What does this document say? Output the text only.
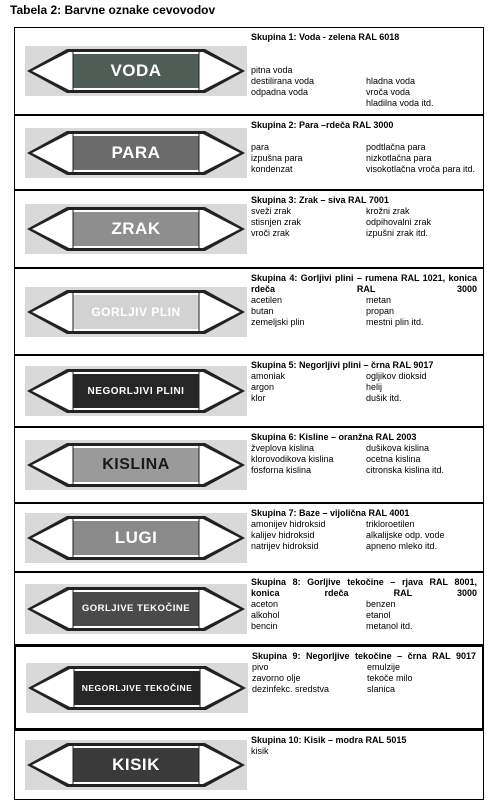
Tabela 2: Barvne oznake cevovodov
VODA
Skupina 1: Voda - zelena RAL 6018

pitna voda
destilirana voda
odpadna voda

hladna voda
vroča voda
hladilna voda itd.
PARA
Skupina 2: Para –rdeča RAL 3000

para
izpušna para
kondenzat

podtlačna para
nizkotlačna para
visokotlačna vroča para itd.
ZRAK
Skupina 3: Zrak – siva RAL 7001
sveži zrak
stisnjen zrak
vroči zrak
krožni zrak
odpihovalni zrak
izpušni zrak itd.
GORLJIV PLIN
Skupina 4: Gorljivi plini – rumena RAL 1021, konica rdeča RAL 3000
acetilen
butan
zemeljski plin
metan
propan
mestni plin itd.
NEGORLJIVI PLINI
Skupina 5: Negorljivi plini – črna RAL 9017
amoniak
argon
klor
ogljikov dioksid
helij
dušik itd.
KISLINA
Skupina 6: Kisline – oranžna RAL 2003
žveplova kislina
klorovodikova kislina
fosforna kislina
dušikova kislina
ocetna kislina
citronska kislina itd.
LUGI
Skupina 7: Baze – vijolična RAL 4001
amonijev hidroksid
kalijev hidroksid
natrijev hidroksid
trikloroetilen
alkalijske odp. vode
apneno mleko itd.
GORLJIVE TEKOČINE
Skupina 8: Gorljive tekočine – rjava RAL 8001, konica rdeča RAL 3000
aceton
alkohol
bencin
benzen
etanol
metanol itd.
NEGORLJIVE TEKOČINE
Skupina 9: Negorljive tekočine – črna RAL 9017
pivo
zavorno olje
dezinfekc. sredstva
emulzije
tekoče milo
slanica
KISIK
Skupina 10: Kisik – modra RAL 5015
kisik
